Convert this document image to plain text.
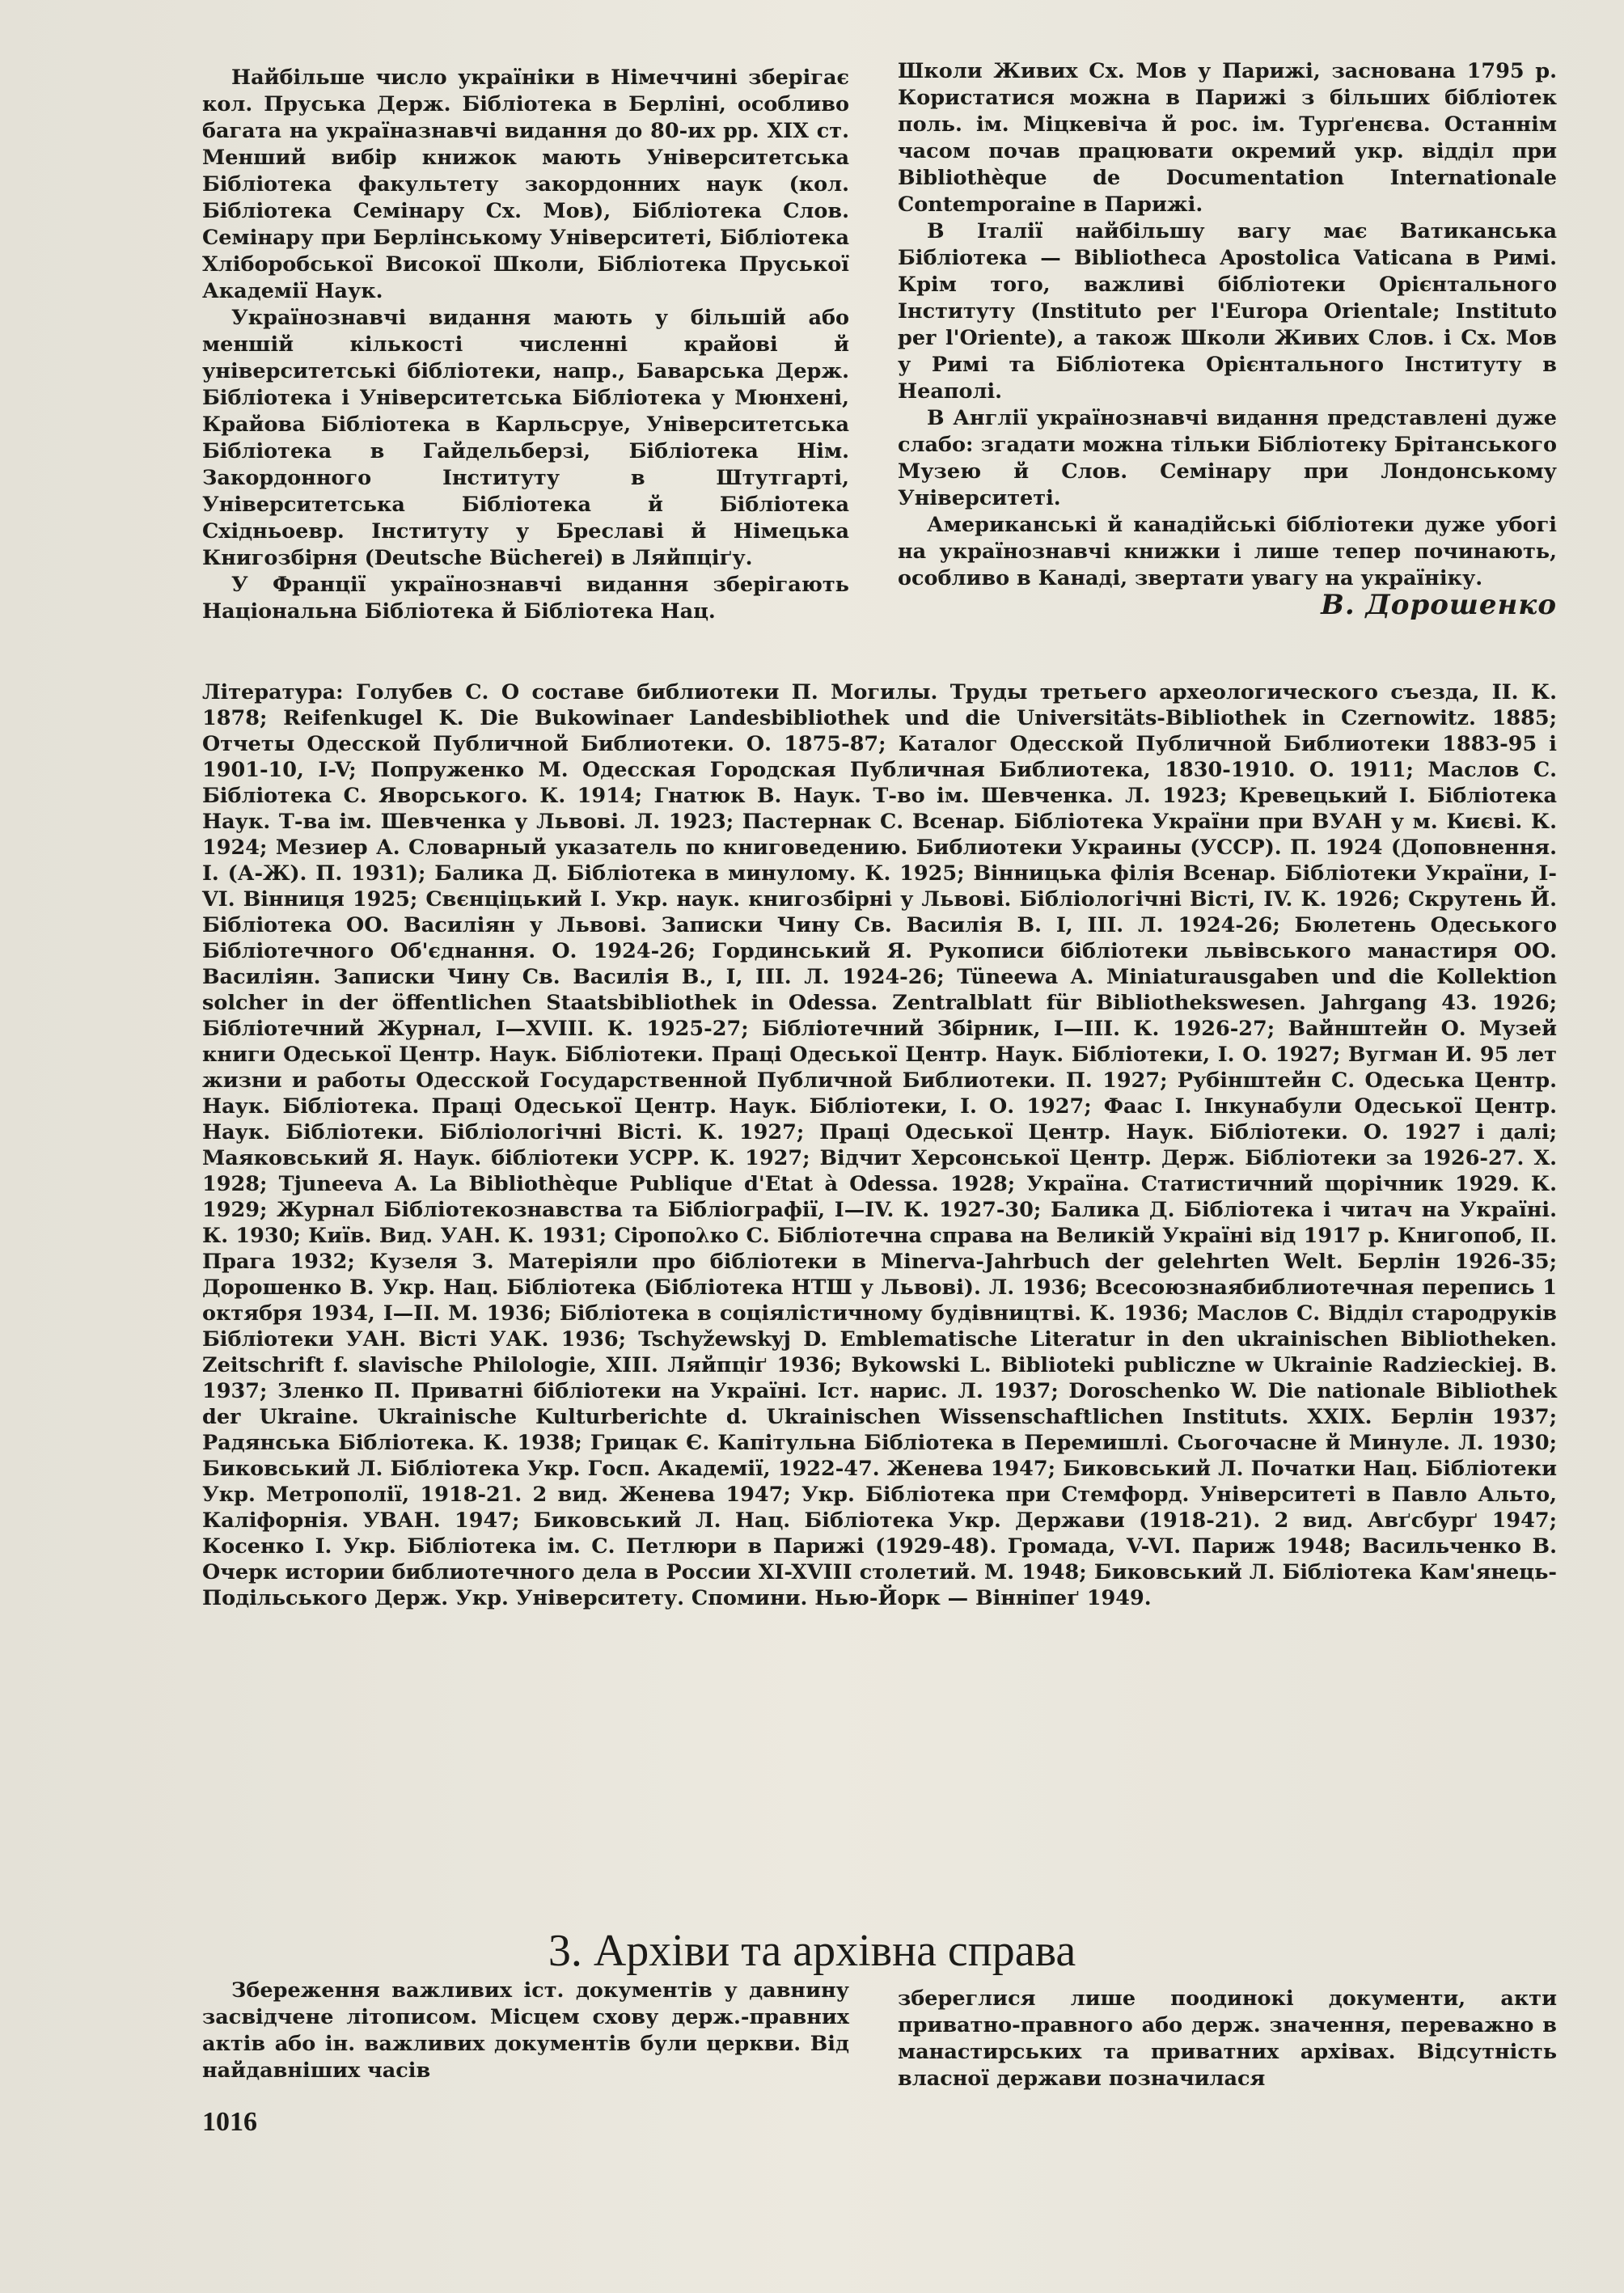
Найбільше число україніки в Німеччині зберігає кол. Пруська Держ. Бібліотека в Берліні, особливо багата на україназнавчі видання до 80-их рр. XIX ст. Менший вибір книжок мають Університетська Бібліотека факультету закордонних наук (кол. Бібліотека Семінару Сх. Мов), Бібліотека Слов. Семінару при Берлінському Університеті, Бібліотека Хліборобської Високої Школи, Бібліотека Пруської Академії Наук.

Українознавчі видання мають у більшій або меншій кількості численні крайові й університетські бібліотеки, напр., Баварська Держ. Бібліотека і Університетська Бібліотека у Мюнхені, Крайова Бібліотека в Карльсруе, Університетська Бібліотека в Гайдельберзі, Бібліотека Нім. Закордонного Інституту в Штутгарті, Університетська Бібліотека й Бібліотека Східньоевр. Інституту у Бреславі й Німецька Книгозбірня (Deutsche Bücherei) в Ляйпціґу.

У Франції українознавчі видання зберігають Національна Бібліотека й Бібліотека Нац.

Школи Живих Сх. Мов у Парижі, заснована 1795 р. Користатися можна в Парижі з більших бібліотек поль. ім. Міцкевіча й рос. ім. Турґенєва. Останнім часом почав працювати окремий укр. відділ при Bibliothèque de Documentation Internationale Contemporaine в Парижі.

В Італії найбільшу вагу має Ватиканська Бібліотека — Bibliotheca Apostolica Vaticana в Римі. Крім того, важливі бібліотеки Орієнтального Інституту (Instituto per l'Europa Orientale; Instituto per l'Oriente), а також Школи Живих Слов. і Сх. Мов у Римі та Бібліотека Орієнтального Інституту в Неаполі.

В Англії українознавчі видання представлені дуже слабо: згадати можна тільки Бібліотеку Брітанського Музею й Слов. Семінару при Лондонському Університеті.

Американські й канадійські бібліотеки дуже убогі на українознавчі книжки і лише тепер починають, особливо в Канаді, звертати увагу на україніку.
В. Дорошенко

Література: Голубев С. О составе библиотеки П. Могилы. Труды третьего археологического съезда, II. К. 1878; Reifenkugel K. Die Bukowinaer Landesbibliothek und die Universitäts-Bibliothek in Czernowitz. 1885; Отчеты Одесской Публичной Библиотеки. О. 1875-87; Каталог Одесской Публичной Библиотеки 1883-95 і 1901-10, I-V; Попруженко М. Одесская Городская Публичная Библиотека, 1830-1910. О. 1911; Маслов С. Бібліотека С. Яворського. К. 1914; Гнатюк В. Наук. Т-во ім. Шевченка. Л. 1923; Кревецький І. Бібліотека Наук. Т-ва ім. Шевченка у Львові. Л. 1923; Пастернак С. Всенар. Бібліотека України при ВУАН у м. Києві. К. 1924; Мезиер А. Словарный указатель по книговедению. Библиотеки Украины (УССР). П. 1924 (Доповнення. І. (А-Ж). П. 1931); Балика Д. Бібліотека в минулому. К. 1925; Вінницька філія Всенар. Бібліотеки України, I-VI. Вінниця 1925; Свєнціцький І. Укр. наук. книгозбірні у Львові. Бібліологічні Вісті, IV. К. 1926; Скрутень Й. Бібліотека ОО. Василіян у Львові. Записки Чину Св. Василія В. І, ІІІ. Л. 1924-26; Бюлетень Одеського Бібліотечного Об'єднання. О. 1924-26; Гординський Я. Рукописи бібліотеки львівського манастиря ОО. Василіян. Записки Чину Св. Василія В., І, ІІІ. Л. 1924-26; Tüneewa A. Miniaturausgaben und die Kollektion solcher in der öffentlichen Staatsbibliothek in Odessa. Zentralblatt für Bibliothekswesen. Jahrgang 43. 1926; Бібліотечний Журнал, I—XVIII. К. 1925-27; Бібліотечний Збірник, I—III. К. 1926-27; Вайнштейн О. Музей книги Одеської Центр. Наук. Бібліотеки. Праці Одеської Центр. Наук. Бібліотеки, І. О. 1927; Вугман И. 95 лет жизни и работы Одесской Государственной Публичной Библиотеки. П. 1927; Рубінштейн С. Одеська Центр. Наук. Бібліотека. Праці Одеської Центр. Наук. Бібліотеки, І. О. 1927; Фаас І. Інкунабули Одеської Центр. Наук. Бібліотеки. Бібліологічні Вісті. К. 1927; Праці Одеської Центр. Наук. Бібліотеки. О. 1927 і далі; Маяковський Я. Наук. бібліотеки УСРР. К. 1927; Відчит Херсонської Центр. Держ. Бібліотеки за 1926-27. Х. 1928; Tjuneeva A. La Bibliothèque Publique d'Etat à Odessa. 1928; Україна. Статистичний щорічник 1929. К. 1929; Журнал Бібліотекознавства та Бібліографії, I—IV. К. 1927-30; Балика Д. Бібліотека і читач на Україні. К. 1930; Київ. Вид. УАН. К. 1931; Сіропολко С. Бібліотечна справа на Великій Україні від 1917 р. Книгопоб, ІІ. Прага 1932; Кузеля З. Матеріяли про бібліотеки в Minerva-Jahrbuch der gelehrten Welt. Берлін 1926-35; Дорошенко В. Укр. Нац. Бібліотека (Бібліотека НТШ у Львові). Л. 1936; Всесоюзнаябиблиотечная перепись 1 октября 1934, I—II. М. 1936; Бібліотека в соціялістичному будівництві. К. 1936; Маслов С. Відділ стародруків Бібліотеки УАН. Вісті УАК. 1936; Tschyžewskyj D. Emblematische Literatur in den ukrainischen Bibliotheken. Zeitschrift f. slavische Philologie, XIII. Ляйпціґ 1936; Bykowski L. Biblioteki publiczne w Ukrainie Radzieckiej. В. 1937; Зленко П. Приватні бібліотеки на Україні. Іст. нарис. Л. 1937; Doroschenko W. Die nationale Bibliothek der Ukraine. Ukrainische Kulturberichte d. Ukrainischen Wissenschaftlichen Instituts. XXIX. Берлін 1937; Радянська Бібліотека. К. 1938; Грицак Є. Капітульна Бібліотека в Перемишлі. Сьогочасне й Минуле. Л. 1930; Биковський Л. Бібліотека Укр. Госп. Академії, 1922-47. Женева 1947; Биковський Л. Початки Нац. Бібліотеки Укр. Метрополії, 1918-21. 2 вид. Женева 1947; Укр. Бібліотека при Стемфорд. Університеті в Павло Альто, Каліфорнія. УВАН. 1947; Биковський Л. Нац. Бібліотека Укр. Держави (1918-21). 2 вид. Авґсбурґ 1947; Косенко І. Укр. Бібліотека ім. С. Петлюри в Парижі (1929-48). Громада, V-VI. Париж 1948; Васильченко В. Очерк истории библиотечного дела в России XI-XVIII столетий. М. 1948; Биковський Л. Бібліотека Кам'янець-Подільського Держ. Укр. Університету. Спомини. Нью-Йорк — Вінніпеґ 1949.

3. Архіви та архівна справа

Збереження важливих іст. документів у давнину засвідчене літописом. Місцем схову держ.-правних актів або ін. важливих документів були церкви. Від найдавніших часів

збереглися лише поодинокі документи, акти приватно-правного або держ. значення, переважно в манастирських та приватних архівах. Відсутність власної держави позначилася

1016
